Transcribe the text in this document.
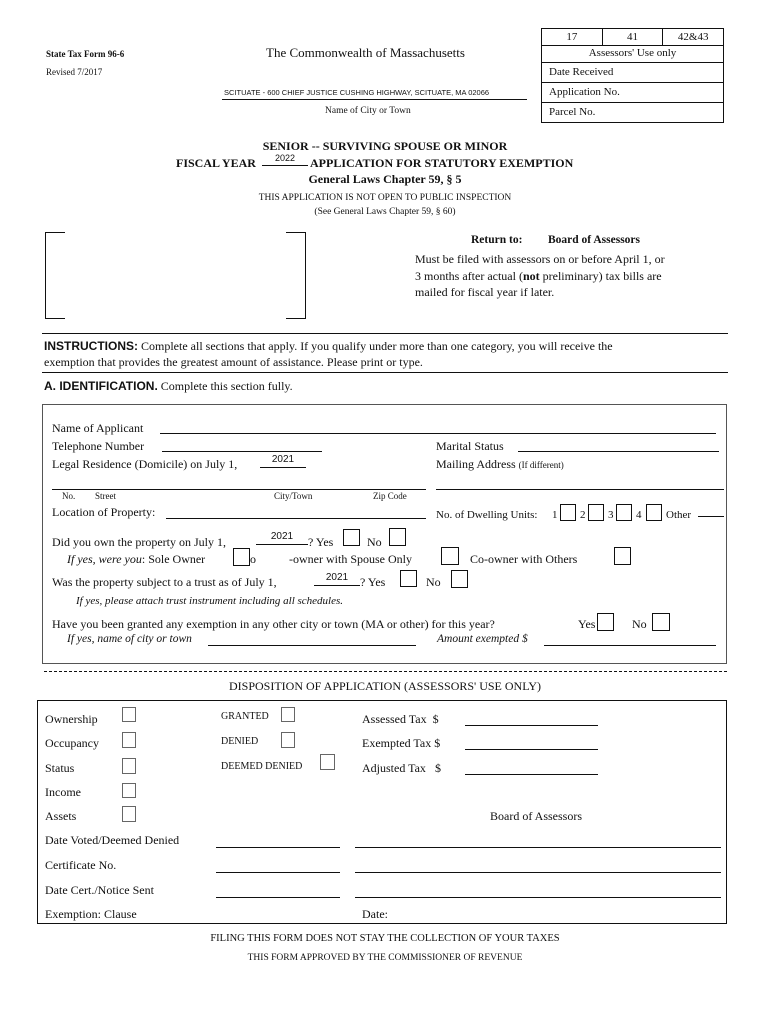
State Tax Form 96-6
Revised 7/2017
The Commonwealth of Massachusetts
SCITUATE - 600 CHIEF JUSTICE CUSHING HIGHWAY, SCITUATE, MA 02066
Name of City or Town
17	41	42&43
Assessors' Use only
Date Received
Application No.
Parcel No.
SENIOR -- SURVIVING SPOUSE OR MINOR
FISCAL YEAR	2022	APPLICATION FOR STATUTORY EXEMPTION
General Laws Chapter 59, § 5
THIS APPLICATION IS NOT OPEN TO PUBLIC INSPECTION
(See General Laws Chapter 59, § 60)
Return to: Board of Assessors
Must be filed with assessors on or before April 1, or
3 months after actual (not preliminary) tax bills are
mailed for fiscal year if later.
INSTRUCTIONS: Complete all sections that apply. If you qualify under more than one category, you will receive the
exemption that provides the greatest amount of assistance. Please print or type.
A. IDENTIFICATION. Complete this section fully.
Name of Applicant
Telephone Number	Marital Status
Legal Residence (Domicile) on July 1,	2021	Mailing Address (If different)
No. Street	City/Town	Zip Code
Location of Property:	No. of Dwelling Units: 1 2 3 4 Other
Did you own the property on July 1,	2021	? Yes	No
If yes, were you: Sole Owner	o	-owner with Spouse Only	Co-owner with Others
Was the property subject to a trust as of July 1,	2021 ? Yes	No
If yes, please attach trust instrument including all schedules.
Have you been granted any exemption in any other city or town (MA or other) for this year?	Yes	No
If yes, name of city or town	Amount exempted $
DISPOSITION OF APPLICATION (ASSESSORS' USE ONLY)
Ownership
Occupancy
Status
Income
Assets
GRANTED
DENIED
DEEMED DENIED
Assessed Tax $
Exempted Tax $
Adjusted Tax $
Board of Assessors
Date Voted/Deemed Denied
Certificate No.
Date Cert./Notice Sent
Exemption: Clause	Date:
FILING THIS FORM DOES NOT STAY THE COLLECTION OF YOUR TAXES
THIS FORM APPROVED BY THE COMMISSIONER OF REVENUE
